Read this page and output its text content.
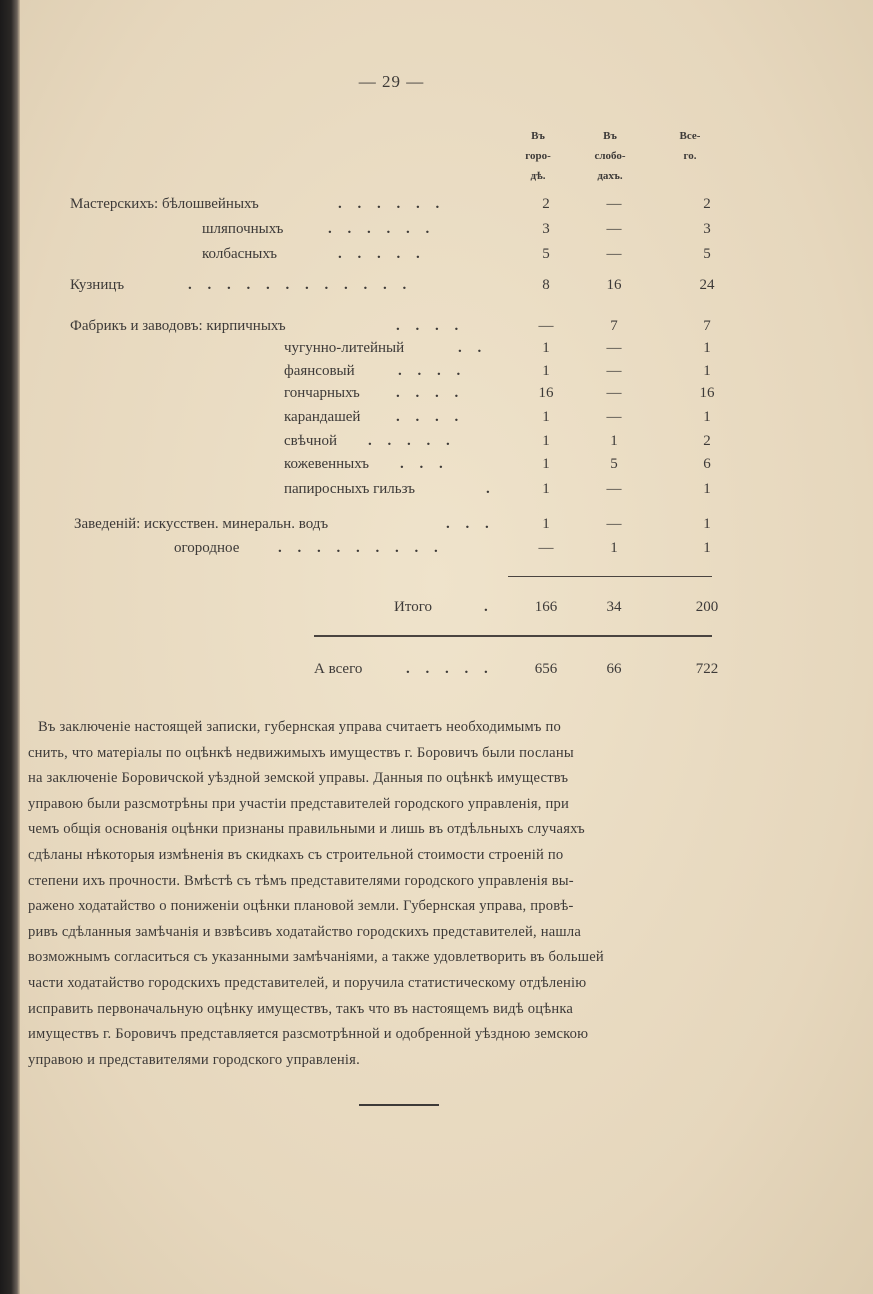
— 29 —
Въ
горо-
дѣ.
Въ
слобо-
дахъ.
Все-
го.
Мастерскихъ: бѣлошвейныхъ	. . . . . .	2	—	2
шляпочныхъ	. . . . . .	3	—	3
колбасныхъ	. . . . .	5	—	5
Кузницъ	. . . . . . . . . . . .	8	16	24
Фабрикъ и заводовъ: кирпичныхъ	. . . .	—	7	7
чугунно-литейный	. .	1	—	1
фаянсовый	. . . .	1	—	1
гончарныхъ . . . .	16	—	16
карандашей . . . .	1	—	1
свѣчной . . . . .	1	1	2
кожевенныхъ . . .	1	5	6
папиросныхъ гильзъ	.	1	—	1
Заведеній: искусствен. минеральн. водъ	. . .	1	—	1
огородное	. . . . . . . . .	—	1	1
Итого	.	166	34	200
А всего	. . . . .	656	66	722
Въ заключеніе настоящей записки, губернская управа считаетъ необходимымъ по
снить, что матеріалы по оцѣнкѣ недвижимыхъ имуществъ г. Боровичъ были посланы
на заключеніе Боровичской уѣздной земской управы. Данныя по оцѣнкѣ имуществъ
управою были разсмотрѣны при участіи представителей городского управленія, при
чемъ общія основанія оцѣнки признаны правильными и лишь въ отдѣльныхъ случаяхъ
сдѣланы нѣкоторыя измѣненія въ скидкахъ съ строительной стоимости строеній по
степени ихъ прочности. Вмѣстѣ съ тѣмъ представителями городского управленія вы-
ражено ходатайство о пониженіи оцѣнки плановой земли. Губернская управа, провѣ-
ривъ сдѣланныя замѣчанія и взвѣсивъ ходатайство городскихъ представителей, нашла
возможнымъ согласиться съ указанными замѣчаніями, а также удовлетворить въ большей
части ходатайство городскихъ представителей, и поручила статистическому отдѣленію
исправить первоначальную оцѣнку имуществъ, такъ что въ настоящемъ видѣ оцѣнка
имуществъ г. Боровичъ представляется разсмотрѣнной и одобренной уѣздною земскою
управою и представителями городского управленія.
